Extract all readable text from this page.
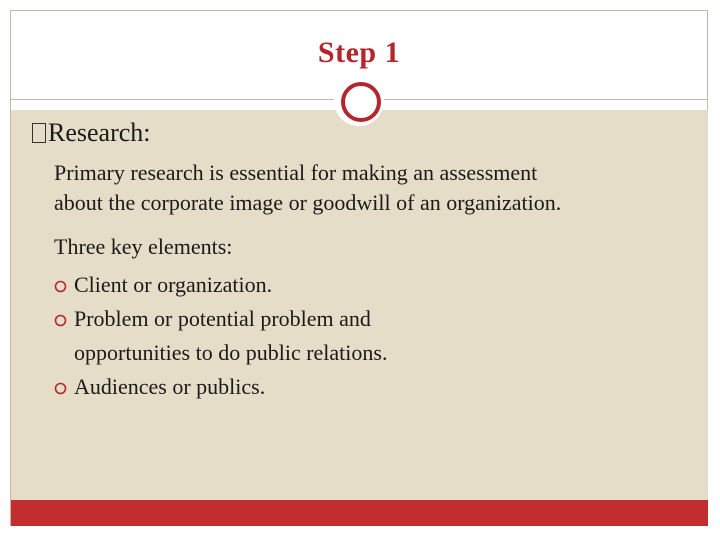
Step 1
Research:
Primary research is essential for making an assessment
about the corporate image or goodwill of an organization.
Three key elements:
Client or organization.
Problem or potential problem and
opportunities to do public relations.
Audiences or publics.
